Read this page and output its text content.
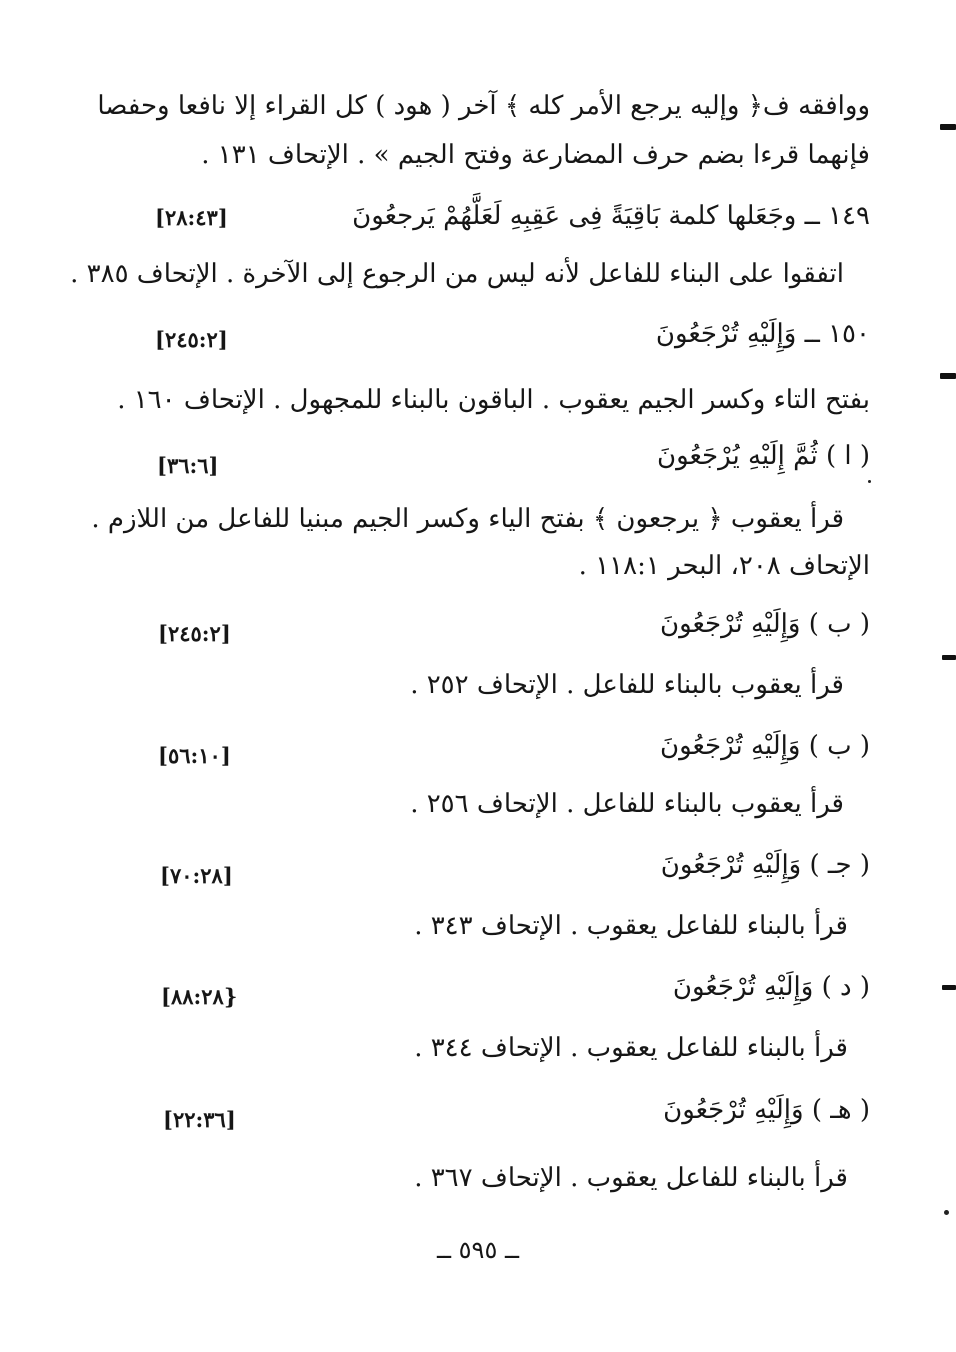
ووافقه ف﴿ وإليه يرجع الأمر كله ﴾ آخر ( هود ) كل القراء إلا نافعا وحفصا
فإنهما قرءا بضم حرف المضارعة وفتح الجيم » . الإتحاف ١٣١ .
١٤٩ ــ وجَعَلها كلمة بَاقِيَةً فِى عَقِبِهِ لَعَلَّهُمْ يَرجعُونَ
[٢٨:٤٣]
اتفقوا على البناء للفاعل لأنه ليس من الرجوع إلى الآخرة . الإتحاف ٣٨٥ .
١٥٠ ــ وَإِلَيْهِ تُرْجَعُونَ
[٢٤٥:٢]
بفتح التاء وكسر الجيم يعقوب . الباقون بالبناء للمجهول . الإتحاف ١٦٠ .
( ا ) ثُمَّ إِلَيْهِ يُرْجَعُونَ
[٣٦:٦]
قرأ يعقوب ﴿ يرجعون ﴾ بفتح الياء وكسر الجيم مبنيا للفاعل من اللازم .
الإتحاف ٢٠٨، البحر ١١٨:١ .
( ب ) وَإِلَيْهِ تُرْجَعُونَ
[٢٤٥:٢]
قرأ يعقوب بالبناء للفاعل . الإتحاف ٢٥٢ .
( ب ) وَإِلَيْهِ تُرْجَعُونَ
[٥٦:١٠]
قرأ يعقوب بالبناء للفاعل . الإتحاف ٢٥٦ .
( جـ ) وَإِلَيْهِ تُرْجَعُونَ
[٧٠:٢٨]
قرأ بالبناء للفاعل يعقوب . الإتحاف ٣٤٣ .
( د ) وَإِلَيْهِ تُرْجَعُونَ
[٨٨:٢٨}
قرأ بالبناء للفاعل يعقوب . الإتحاف ٣٤٤ .
( هـ ) وَإِلَيْهِ تُرْجَعُونَ
[٢٢:٣٦]
قرأ بالبناء للفاعل يعقوب . الإتحاف ٣٦٧ .
ــ ٥٩٥ ــ
